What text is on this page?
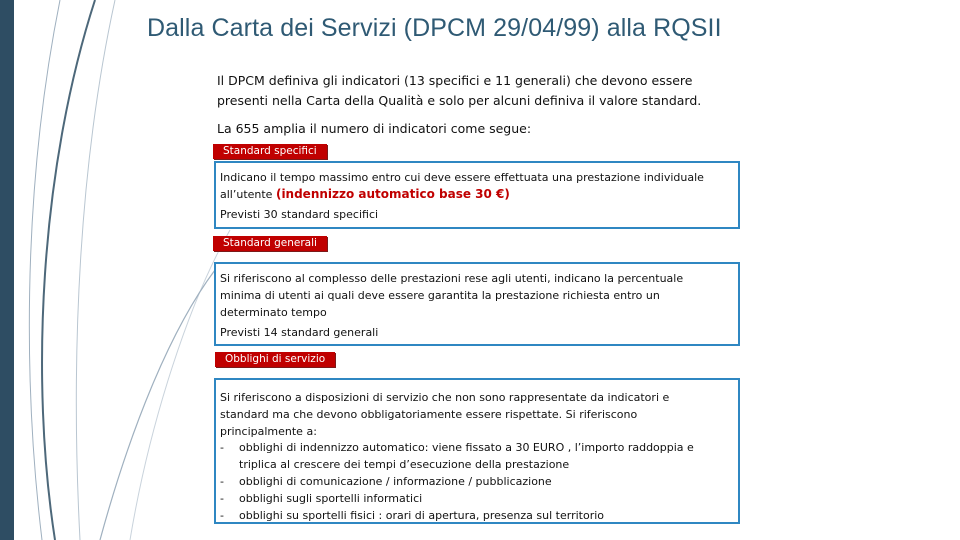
Dalla Carta dei Servizi (DPCM 29/04/99) alla RQSII
Il DPCM definiva gli indicatori (13 specifici e 11 generali) che devono essere
presenti nella Carta della Qualità e solo per alcuni definiva il valore standard.
La 655 amplia il numero di indicatori come segue:
Standard specifici

Indicano il tempo massimo entro cui deve essere effettuata una prestazione individuale

all’utente (indennizzo automatico base 30 €)

Previsti 30 standard specifici

Standard generali

Si riferiscono al complesso delle prestazioni rese agli utenti, indicano la percentuale

minima di utenti ai quali deve essere garantita la prestazione richiesta entro un

determinato tempo

Previsti 14 standard generali

Obblighi di servizio

Si riferiscono a disposizioni di servizio che non sono rappresentate da indicatori e

standard ma che devono obbligatoriamente essere rispettate. Si riferiscono

principalmente a:

- obblighi di indennizzo automatico: viene fissato a 30 EURO , l’importo raddoppia e triplica al crescere dei tempi d’esecuzione della prestazione
- obblighi di comunicazione / informazione / pubblicazione
- obblighi sugli sportelli informatici
- obblighi su sportelli fisici : orari di apertura, presenza sul territorio
